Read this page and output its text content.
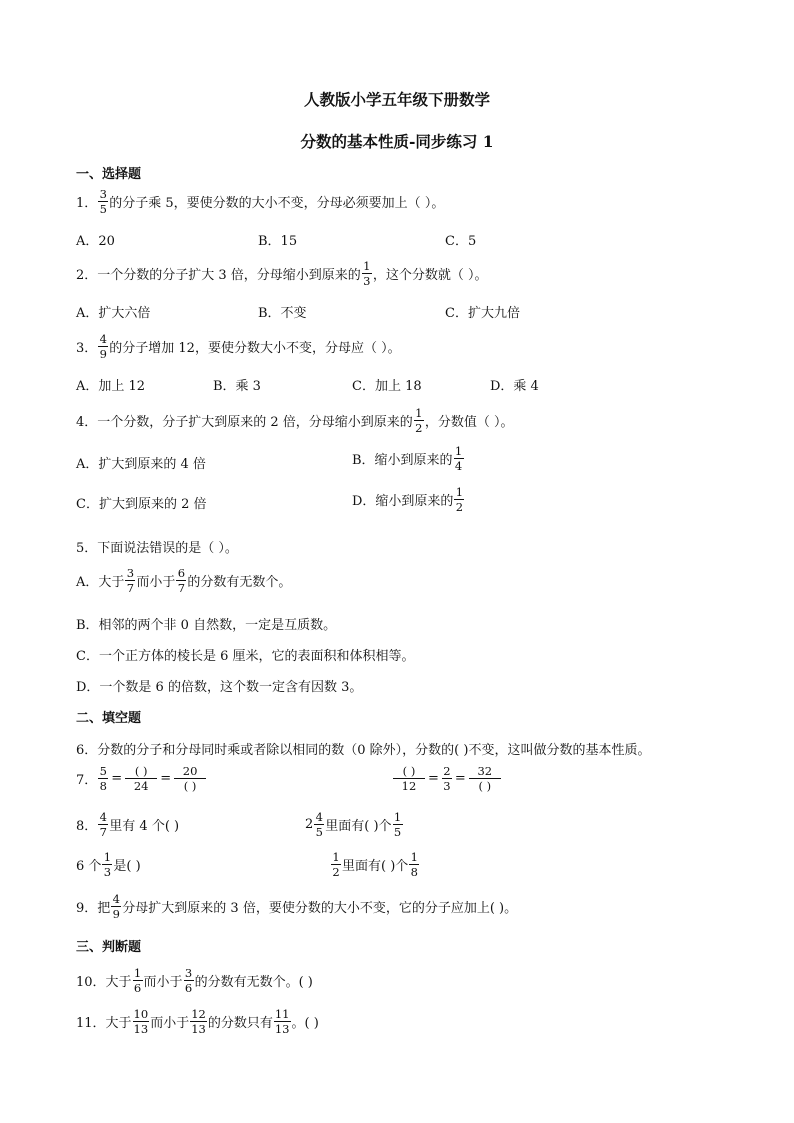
人教版小学五年级下册数学
分数的基本性质-同步练习 1
一、选择题
1． $\frac{3}{5}$ 的分子乘 5，要使分数的大小不变，分母必须要加上（ ）。
A．20	B．15	C．5
2．一个分数的分子扩大 3 倍，分母缩小到原来的 $\frac{1}{3}$ ，这个分数就（ ）。
A．扩大六倍	B．不变	C．扩大九倍
3． $\frac{4}{9}$ 的分子增加 12，要使分数大小不变，分母应（ ）。
A．加上 12	B．乘 3	C．加上 18	D．乘 4
4．一个分数，分子扩大到原来的 2 倍，分母缩小到原来的 $\frac{1}{2}$ ，分数值（ ）。
A．扩大到原来的 4 倍	B．缩小到原来的 $\frac{1}{4}$
C．扩大到原来的 2 倍	D．缩小到原来的 $\frac{1}{2}$
5．下面说法错误的是（ ）。
A．大于 $\frac{3}{7}$ 而小于 $\frac{6}{7}$ 的分数有无数个。
B．相邻的两个非 0 自然数，一定是互质数。
C．一个正方体的棱长是 6 厘米，它的表面积和体积相等。
D．一个数是 6 的倍数，这个数一定含有因数 3。
二、填空题
6．分数的分子和分母同时乘或者除以相同的数（0 除外），分数的( )不变，这叫做分数的基本性质。
7． $\frac{5}{8} = \frac{( )}{24} = \frac{20}{( )}$	$\frac{( )}{12} = \frac{2}{3} = \frac{32}{( )}$
8． $\frac{4}{7}$ 里有 4 个( )	$2 \frac{4}{5}$ 里面有( )个 $\frac{1}{5}$
6 个 $\frac{1}{3}$ 是( )	$\frac{1}{2}$ 里面有( )个 $\frac{1}{8}$
9．把 $\frac{4}{9}$ 分母扩大到原来的 3 倍，要使分数的大小不变，它的分子应加上( )。
三、判断题
10．大于 $\frac{1}{6}$ 而小于 $\frac{3}{6}$ 的分数有无数个。( )
11．大于 $\frac{10}{13}$ 而小于 $\frac{12}{13}$ 的分数只有 $\frac{11}{13}$ 。( )
